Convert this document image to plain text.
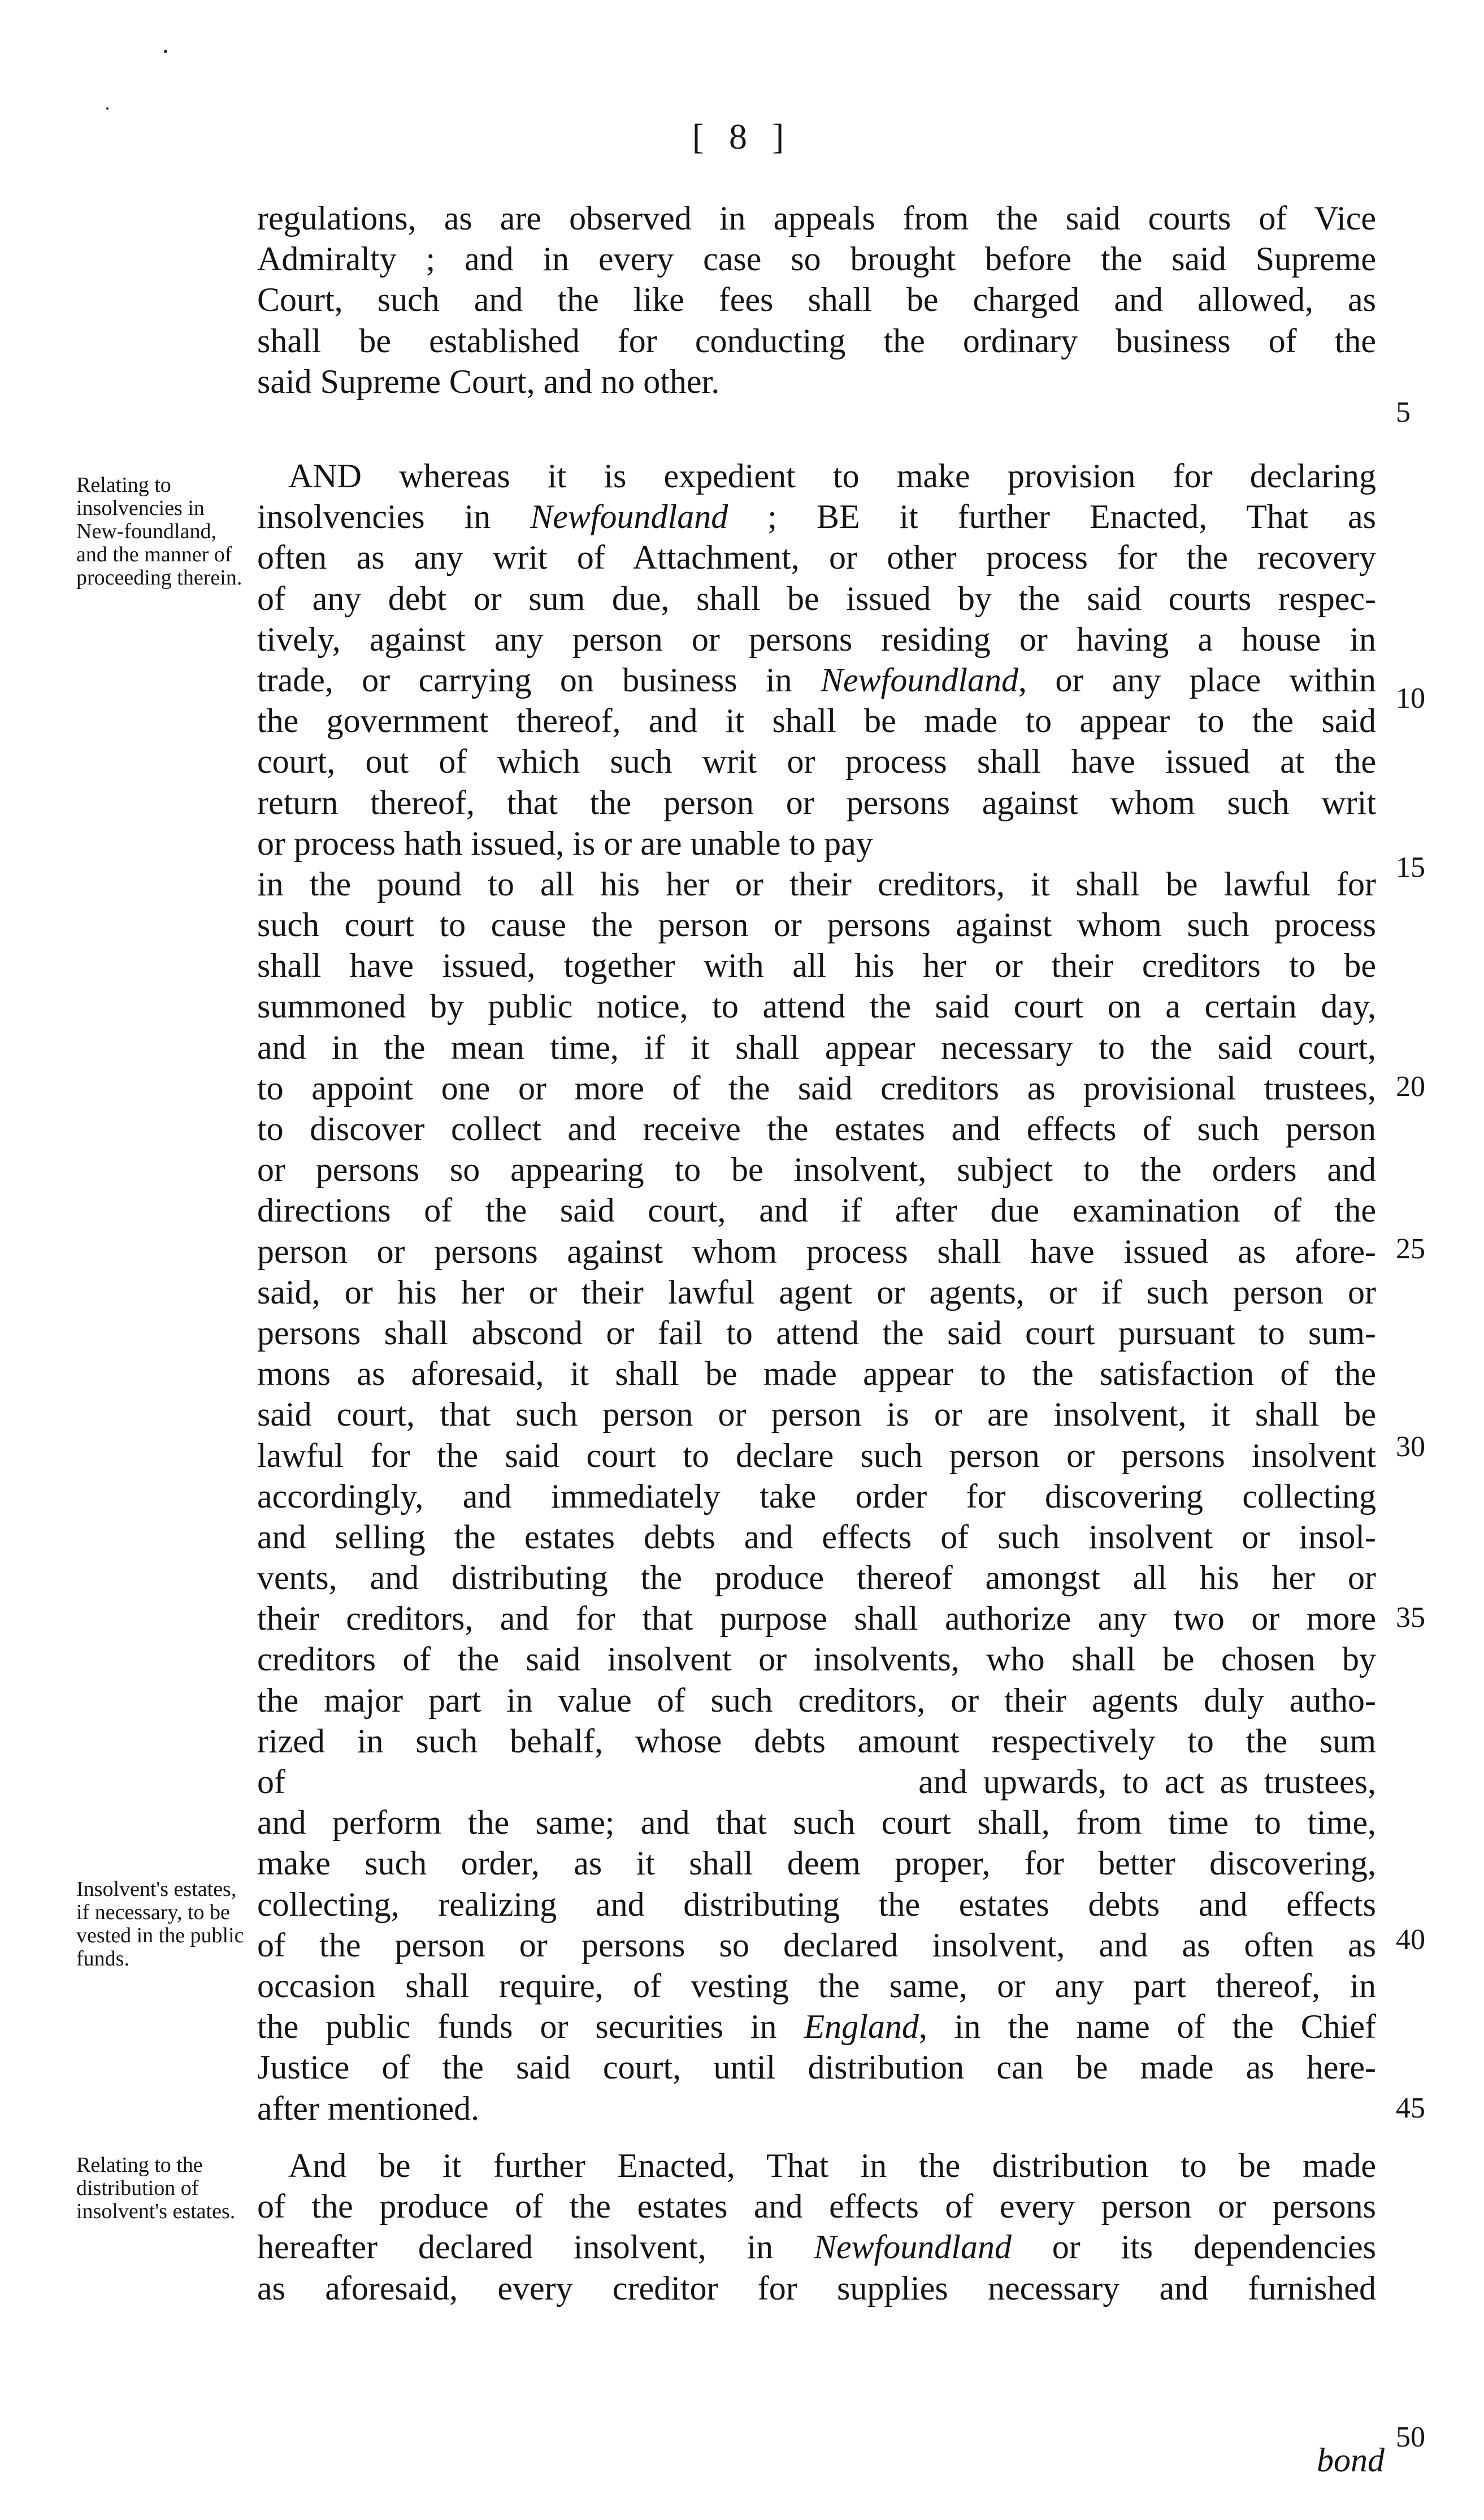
[ 8 ]
regulations, as are observed in appeals from the said courts of Vice
Admiralty ; and in every case so brought before the said Supreme
Court, such and the like fees shall be charged and allowed, as
shall be established for conducting the ordinary business of the
said Supreme Court, and no other.
AND whereas it is expedient to make provision for declaring
insolvencies in Newfoundland ; BE it further Enacted, That as
often as any writ of Attachment, or other process for the recovery
of any debt or sum due, shall be issued by the said courts respec-
tively, against any person or persons residing or having a house in
trade, or carrying on business in Newfoundland, or any place within
the government thereof, and it shall be made to appear to the said
court, out of which such writ or process shall have issued at the
return thereof, that the person or persons against whom such writ
or process hath issued, is or are unable to pay
in the pound to all his her or their creditors, it shall be lawful for
such court to cause the person or persons against whom such process
shall have issued, together with all his her or their creditors to be
summoned by public notice, to attend the said court on a certain day,
and in the mean time, if it shall appear necessary to the said court,
to appoint one or more of the said creditors as provisional trustees,
to discover collect and receive the estates and effects of such person
or persons so appearing to be insolvent, subject to the orders and
directions of the said court, and if after due examination of the
person or persons against whom process shall have issued as afore-
said, or his her or their lawful agent or agents, or if such person or
persons shall abscond or fail to attend the said court pursuant to sum-
mons as aforesaid, it shall be made appear to the satisfaction of the
said court, that such person or person is or are insolvent, it shall be
lawful for the said court to declare such person or persons insolvent
accordingly, and immediately take order for discovering collecting
and selling the estates debts and effects of such insolvent or insol-
vents, and distributing the produce thereof amongst all his her or
their creditors, and for that purpose shall authorize any two or more
creditors of the said insolvent or insolvents, who shall be chosen by
the major part in value of such creditors, or their agents duly autho-
rized in such behalf, whose debts amount respectively to the sum
of                                        and upwards, to act as trustees,
and perform the same; and that such court shall, from time to time,
make such order, as it shall deem proper, for better discovering,
collecting, realizing and distributing the estates debts and effects
of the person or persons so declared insolvent, and as often as
occasion shall require, of vesting the same, or any part thereof, in
the public funds or securities in England, in the name of the Chief
Justice of the said court, until distribution can be made as here-
after mentioned.
And be it further Enacted, That in the distribution to be made
of the produce of the estates and effects of every person or persons
hereafter declared insolvent, in Newfoundland or its dependencies
as aforesaid, every creditor for supplies necessary and furnished
bond
5
10
15
20
25
30
35
40
45
50
Relating to insolvencies in New-foundland, and the manner of proceeding therein.
Insolvent's estates, if necessary, to be vested in the public funds.
Relating to the distribution of insolvent's estates.
